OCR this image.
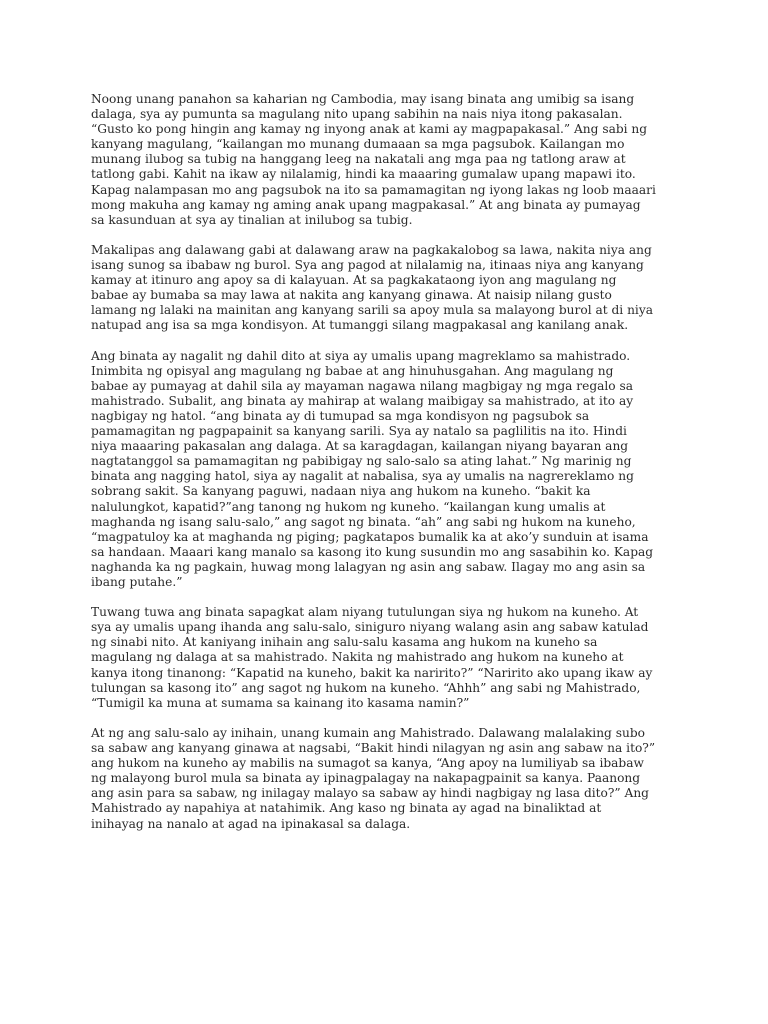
Noong unang panahon sa kaharian ng Cambodia, may isang binata ang umibig sa isang
dalaga, sya ay pumunta sa magulang nito upang sabihin na nais niya itong pakasalan.
“Gusto ko pong hingin ang kamay ng inyong anak at kami ay magpapakasal.” Ang sabi ng
kanyang magulang, “kailangan mo munang dumaaan sa mga pagsubok. Kailangan mo
munang ilubog sa tubig na hanggang leeg na nakatali ang mga paa ng tatlong araw at
tatlong gabi. Kahit na ikaw ay nilalamig, hindi ka maaaring gumalaw upang mapawi ito.
Kapag nalampasan mo ang pagsubok na ito sa pamamagitan ng iyong lakas ng loob maaari
mong makuha ang kamay ng aming anak upang magpakasal.” At ang binata ay pumayag
sa kasunduan at sya ay tinalian at inilubog sa tubig.

Makalipas ang dalawang gabi at dalawang araw na pagkakalobog sa lawa, nakita niya ang
isang sunog sa ibabaw ng burol. Sya ang pagod at nilalamig na, itinaas niya ang kanyang
kamay at itinuro ang apoy sa di kalayuan. At sa pagkakataong iyon ang magulang ng
babae ay bumaba sa may lawa at nakita ang kanyang ginawa. At naisip nilang gusto
lamang ng lalaki na mainitan ang kanyang sarili sa apoy mula sa malayong burol at di niya
natupad ang isa sa mga kondisyon. At tumanggi silang magpakasal ang kanilang anak.

Ang binata ay nagalit ng dahil dito at siya ay umalis upang magreklamo sa mahistrado.
Inimbita ng opisyal ang magulang ng babae at ang hinuhusgahan. Ang magulang ng
babae ay pumayag at dahil sila ay mayaman nagawa nilang magbigay ng mga regalo sa
mahistrado. Subalit, ang binata ay mahirap at walang maibigay sa mahistrado, at ito ay
nagbigay ng hatol. “ang binata ay di tumupad sa mga kondisyon ng pagsubok sa
pamamagitan ng pagpapainit sa kanyang sarili. Sya ay natalo sa paglilitis na ito. Hindi
niya maaaring pakasalan ang dalaga. At sa karagdagan, kailangan niyang bayaran ang
nagtatanggol sa pamamagitan ng pabibigay ng salo-salo sa ating lahat.” Ng marinig ng
binata ang nagging hatol, siya ay nagalit at nabalisa, sya ay umalis na nagrereklamo ng
sobrang sakit. Sa kanyang paguwi, nadaan niya ang hukom na kuneho. “bakit ka
nalulungkot, kapatid?”ang tanong ng hukom ng kuneho. “kailangan kung umalis at
maghanda ng isang salu-salo,” ang sagot ng binata. “ah” ang sabi ng hukom na kuneho,
“magpatuloy ka at maghanda ng piging; pagkatapos bumalik ka at ako’y sunduin at isama
sa handaan. Maaari kang manalo sa kasong ito kung susundin mo ang sasabihin ko. Kapag
naghanda ka ng pagkain, huwag mong lalagyan ng asin ang sabaw. Ilagay mo ang asin sa
ibang putahe.”

Tuwang tuwa ang binata sapagkat alam niyang tutulungan siya ng hukom na kuneho. At
sya ay umalis upang ihanda ang salu-salo, siniguro niyang walang asin ang sabaw katulad
ng sinabi nito. At kaniyang inihain ang salu-salu kasama ang hukom na kuneho sa
magulang ng dalaga at sa mahistrado. Nakita ng mahistrado ang hukom na kuneho at
kanya itong tinanong: “Kapatid na kuneho, bakit ka naririto?” “Naririto ako upang ikaw ay
tulungan sa kasong ito” ang sagot ng hukom na kuneho. “Ahhh” ang sabi ng Mahistrado,
“Tumigil ka muna at sumama sa kainang ito kasama namin?”

At ng ang salu-salo ay inihain, unang kumain ang Mahistrado. Dalawang malalaking subo
sa sabaw ang kanyang ginawa at nagsabi, “Bakit hindi nilagyan ng asin ang sabaw na ito?”
ang hukom na kuneho ay mabilis na sumagot sa kanya, “Ang apoy na lumiliyab sa ibabaw
ng malayong burol mula sa binata ay ipinagpalagay na nakapagpainit sa kanya. Paanong
ang asin para sa sabaw, ng inilagay malayo sa sabaw ay hindi nagbigay ng lasa dito?” Ang
Mahistrado ay napahiya at natahimik. Ang kaso ng binata ay agad na binaliktad at
inihayag na nanalo at agad na ipinakasal sa dalaga.
